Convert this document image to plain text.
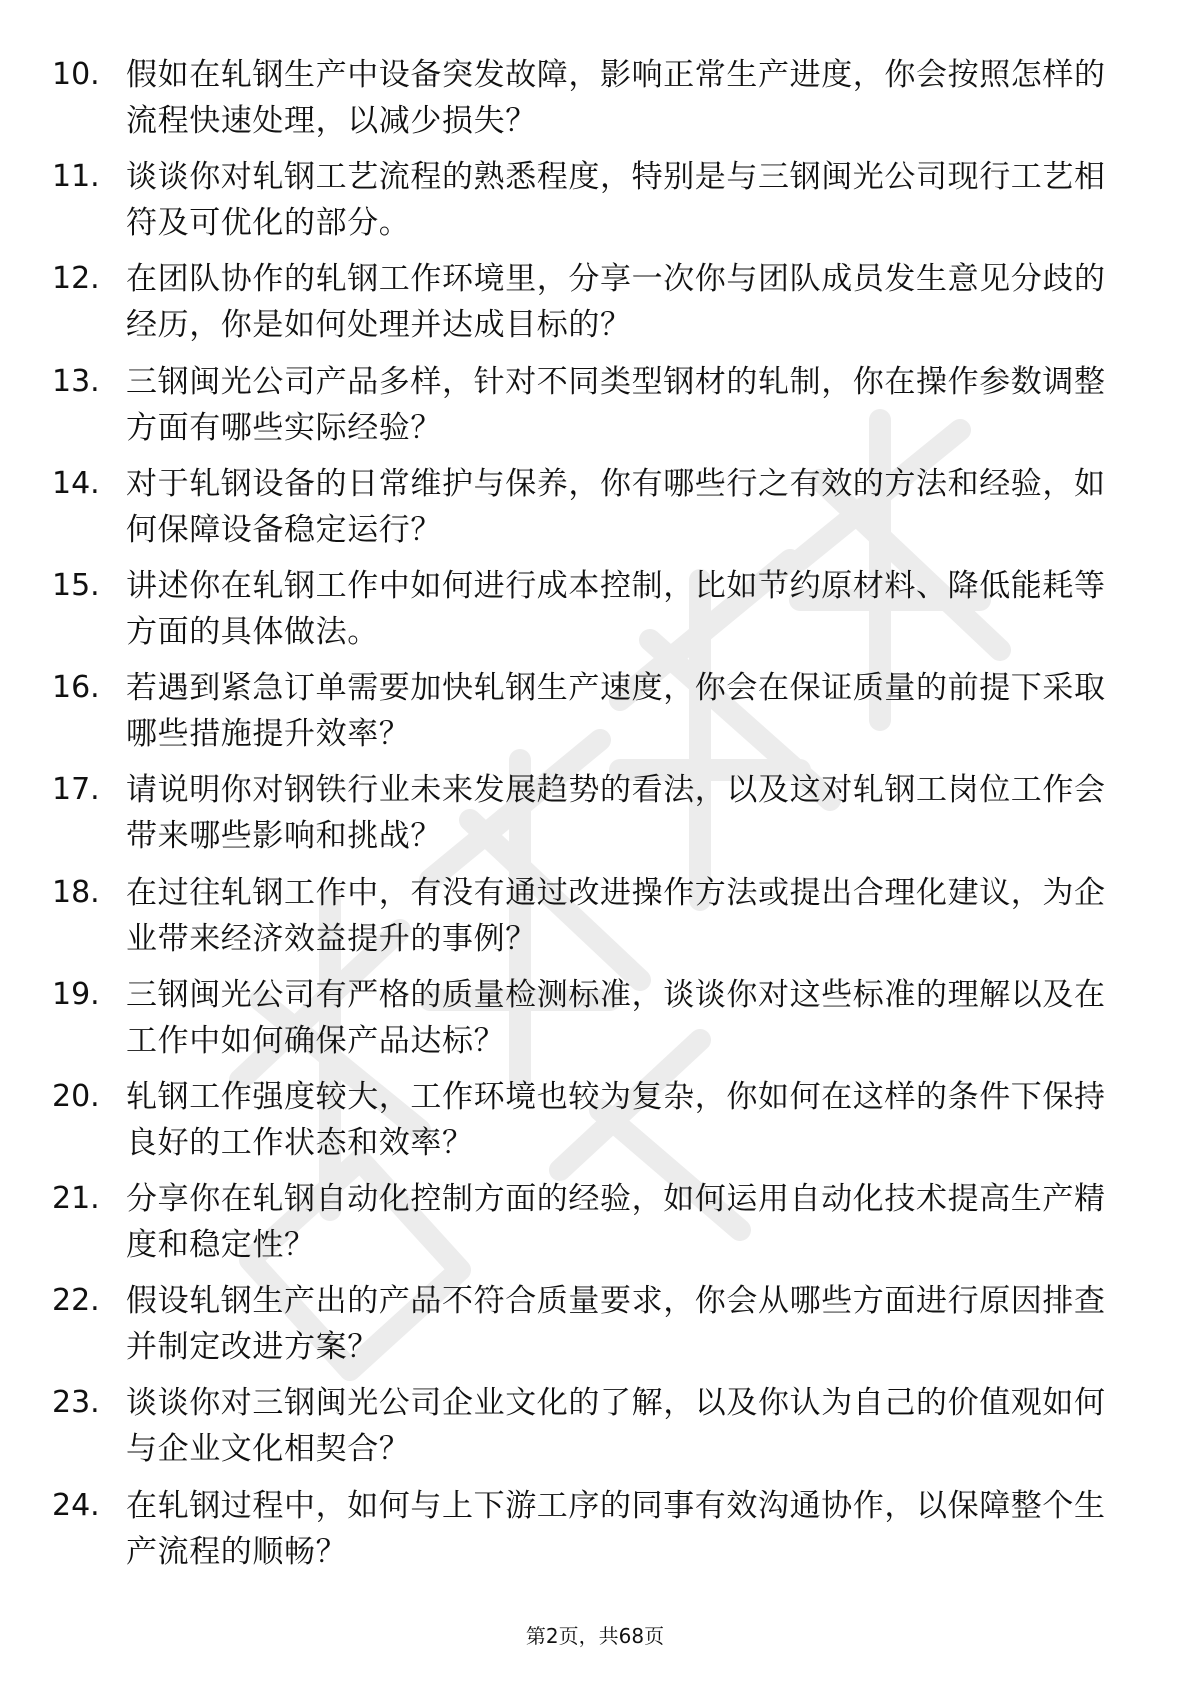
10. 假如在轧钢生产中设备突发故障，影响正常生产进度，你会按照怎样的流程快速处理，以减少损失？
11. 谈谈你对轧钢工艺流程的熟悉程度，特别是与三钢闽光公司现行工艺相符及可优化的部分。
12. 在团队协作的轧钢工作环境里，分享一次你与团队成员发生意见分歧的经历，你是如何处理并达成目标的？
13. 三钢闽光公司产品多样，针对不同类型钢材的轧制，你在操作参数调整方面有哪些实际经验？
14. 对于轧钢设备的日常维护与保养，你有哪些行之有效的方法和经验，如何保障设备稳定运行？
15. 讲述你在轧钢工作中如何进行成本控制，比如节约原材料、降低能耗等方面的具体做法。
16. 若遇到紧急订单需要加快轧钢生产速度，你会在保证质量的前提下采取哪些措施提升效率？
17. 请说明你对钢铁行业未来发展趋势的看法，以及这对轧钢工岗位工作会带来哪些影响和挑战？
18. 在过往轧钢工作中，有没有通过改进操作方法或提出合理化建议，为企业带来经济效益提升的事例？
19. 三钢闽光公司有严格的质量检测标准，谈谈你对这些标准的理解以及在工作中如何确保产品达标？
20. 轧钢工作强度较大，工作环境也较为复杂，你如何在这样的条件下保持良好的工作状态和效率？
21. 分享你在轧钢自动化控制方面的经验，如何运用自动化技术提高生产精度和稳定性？
22. 假设轧钢生产出的产品不符合质量要求，你会从哪些方面进行原因排查并制定改进方案？
23. 谈谈你对三钢闽光公司企业文化的了解，以及你认为自己的价值观如何与企业文化相契合？
24. 在轧钢过程中，如何与上下游工序的同事有效沟通协作，以保障整个生产流程的顺畅？
第2页，共68页
